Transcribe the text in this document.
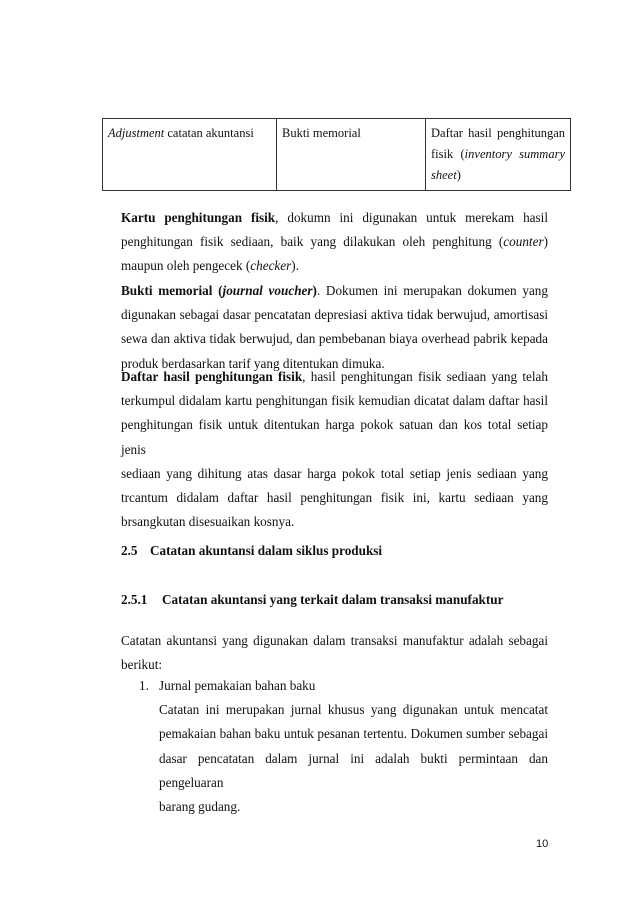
Adjustment catatan akuntansi	Bukti memorial	Daftar hasil penghitungan
fisik (inventory summary
sheet)
Kartu penghitungan fisik, dokumn ini digunakan untuk merekam hasil
penghitungan fisik sediaan, baik yang dilakukan oleh penghitung (counter)
maupun oleh pengecek (checker).
Bukti memorial (journal voucher). Dokumen ini merupakan dokumen yang
digunakan sebagai dasar pencatatan depresiasi aktiva tidak berwujud, amortisasi
sewa dan aktiva tidak berwujud, dan pembebanan biaya overhead pabrik kepada
produk berdasarkan tarif yang ditentukan dimuka.
Daftar hasil penghitungan fisik, hasil penghitungan fisik sediaan yang telah
terkumpul didalam kartu penghitungan fisik kemudian dicatat dalam daftar hasil
penghitungan fisik untuk ditentukan harga pokok satuan dan kos total setiap jenis
sediaan yang dihitung atas dasar harga pokok total setiap jenis sediaan yang
trcantum didalam daftar hasil penghitungan fisik ini, kartu sediaan yang
brsangkutan disesuaikan kosnya.
2.5 Catatan akuntansi dalam siklus produksi
2.5.1 Catatan akuntansi yang terkait dalam transaksi manufaktur
Catatan akuntansi yang digunakan dalam transaksi manufaktur adalah sebagai
berikut:
1. Jurnal pemakaian bahan baku
Catatan ini merupakan jurnal khusus yang digunakan untuk mencatat
pemakaian bahan baku untuk pesanan tertentu. Dokumen sumber sebagai
dasar pencatatan dalam jurnal ini adalah bukti permintaan dan pengeluaran
barang gudang.
10
